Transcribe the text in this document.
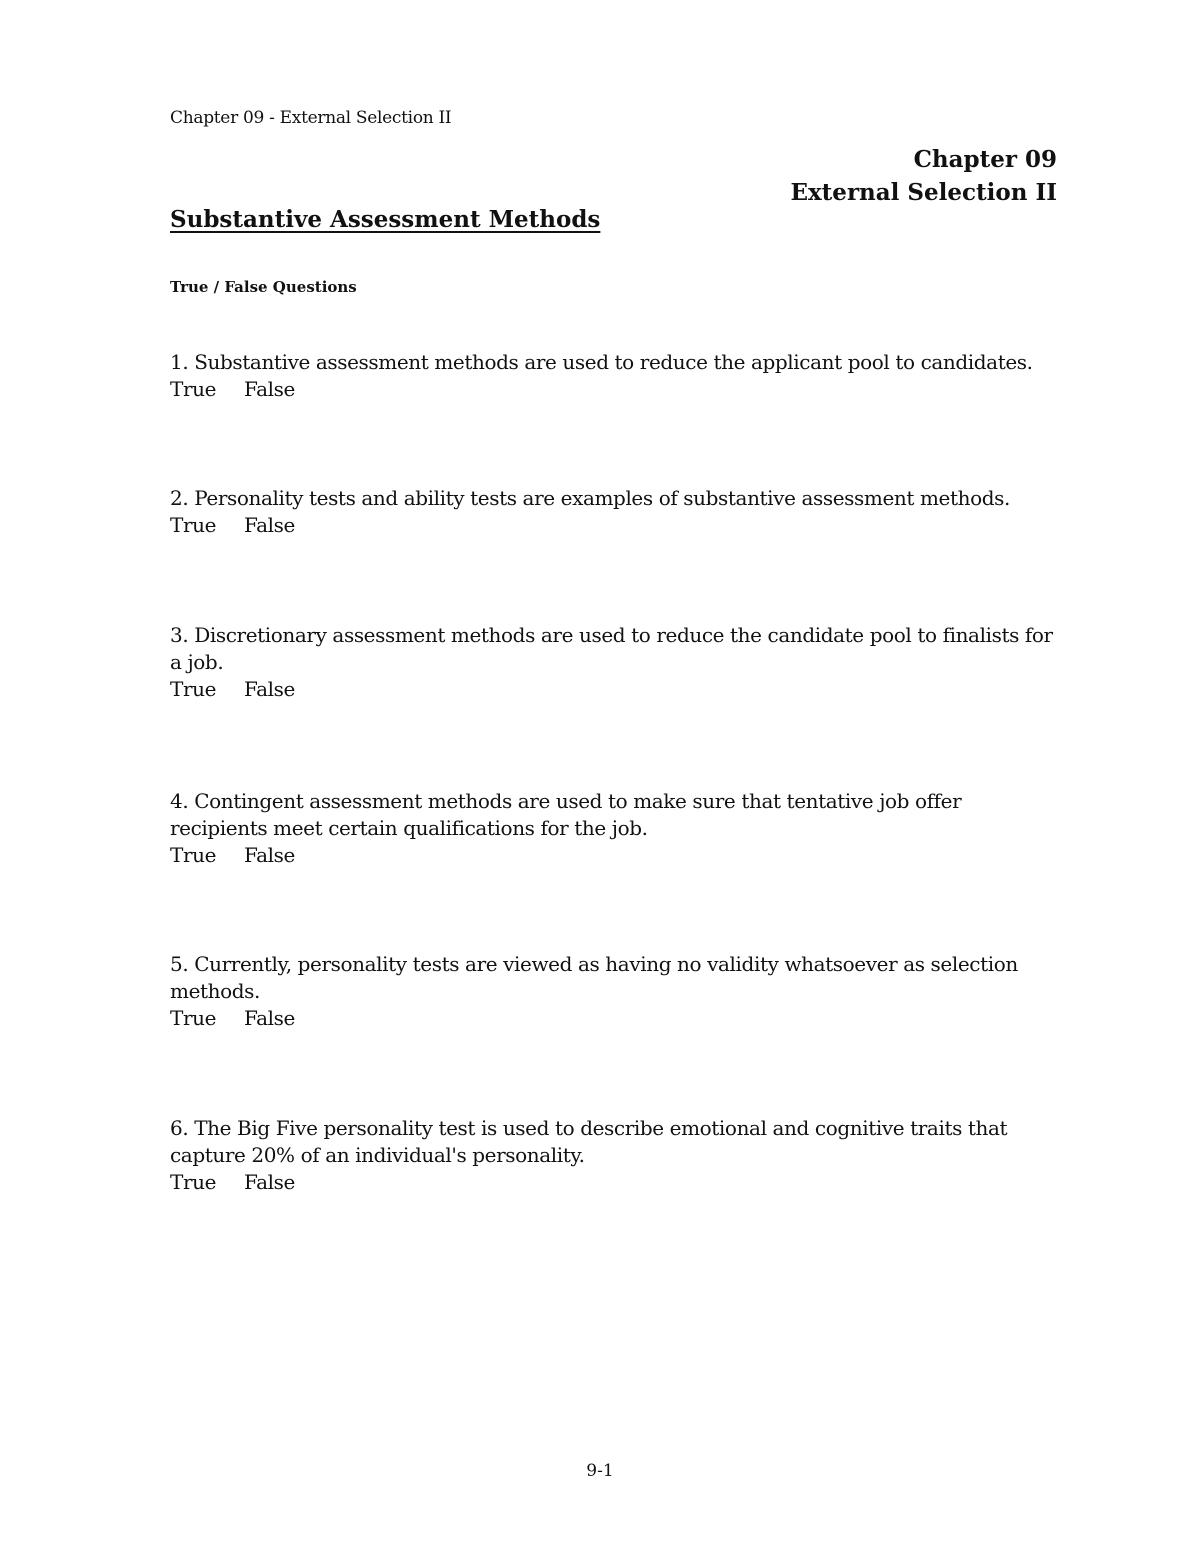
Chapter 09 - External Selection II
Chapter 09
External Selection II
Substantive Assessment Methods
True / False Questions
1. Substantive assessment methods are used to reduce the applicant pool to candidates.
True False
2. Personality tests and ability tests are examples of substantive assessment methods.
True False
3. Discretionary assessment methods are used to reduce the candidate pool to finalists for a job.
True False
4. Contingent assessment methods are used to make sure that tentative job offer recipients meet certain qualifications for the job.
True False
5. Currently, personality tests are viewed as having no validity whatsoever as selection methods.
True False
6. The Big Five personality test is used to describe emotional and cognitive traits that capture 20% of an individual's personality.
True False
9-1
